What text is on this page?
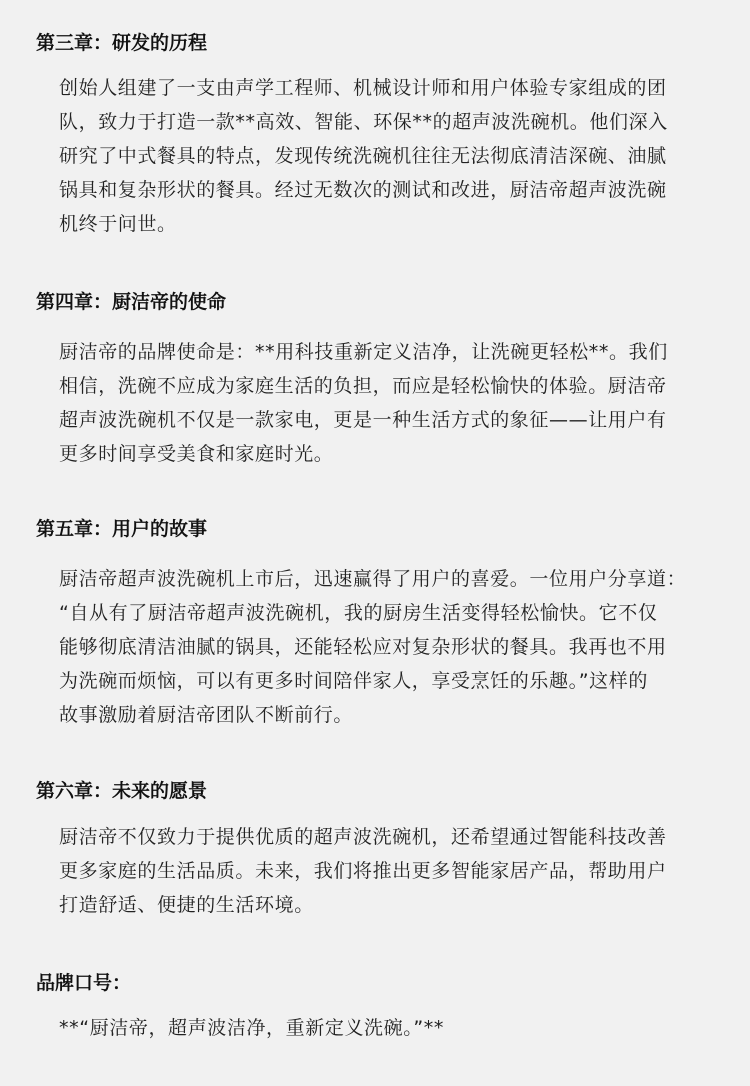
第三章：研发的历程

创始人组建了一支由声学工程师、机械设计师和用户体验专家组成的团
队，致力于打造一款**高效、智能、环保**的超声波洗碗机。他们深入
研究了中式餐具的特点，发现传统洗碗机往往无法彻底清洁深碗、油腻
锅具和复杂形状的餐具。经过无数次的测试和改进，厨洁帝超声波洗碗
机终于问世。

第四章：厨洁帝的使命

厨洁帝的品牌使命是：**用科技重新定义洁净，让洗碗更轻松**。我们
相信，洗碗不应成为家庭生活的负担，而应是轻松愉快的体验。厨洁帝
超声波洗碗机不仅是一款家电，更是一种生活方式的象征——让用户有
更多时间享受美食和家庭时光。

第五章：用户的故事

厨洁帝超声波洗碗机上市后，迅速赢得了用户的喜爱。一位用户分享道：
“自从有了厨洁帝超声波洗碗机，我的厨房生活变得轻松愉快。它不仅
能够彻底清洁油腻的锅具，还能轻松应对复杂形状的餐具。我再也不用
为洗碗而烦恼，可以有更多时间陪伴家人，享受烹饪的乐趣。”这样的
故事激励着厨洁帝团队不断前行。

第六章：未来的愿景

厨洁帝不仅致力于提供优质的超声波洗碗机，还希望通过智能科技改善
更多家庭的生活品质。未来，我们将推出更多智能家居产品，帮助用户
打造舒适、便捷的生活环境。

品牌口号：

**“厨洁帝，超声波洁净，重新定义洗碗。”**
